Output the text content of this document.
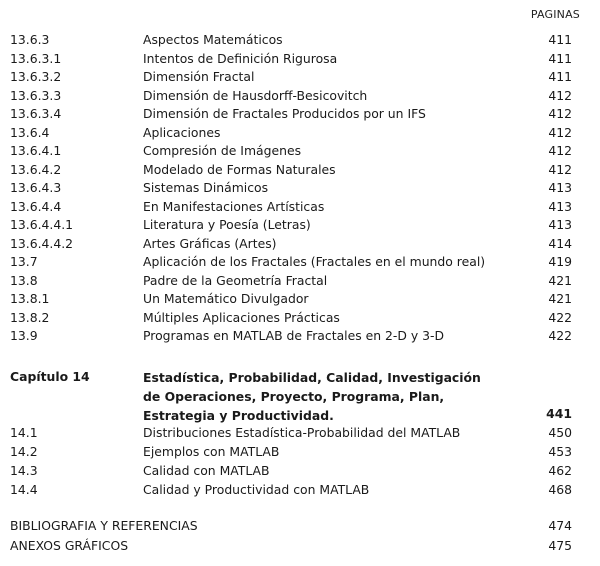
PAGINAS
13.6.3	Aspectos Matemáticos	411
13.6.3.1	Intentos de Definición Rigurosa	411
13.6.3.2	Dimensión Fractal	411
13.6.3.3	Dimensión de Hausdorff-Besicovitch	412
13.6.3.4	Dimensión de Fractales Producidos por un IFS	412
13.6.4	Aplicaciones	412
13.6.4.1	Compresión de Imágenes	412
13.6.4.2	Modelado de Formas Naturales	412
13.6.4.3	Sistemas Dinámicos	413
13.6.4.4	En Manifestaciones Artísticas	413
13.6.4.4.1	Literatura y Poesía (Letras)	413
13.6.4.4.2	Artes Gráficas (Artes)	414
13.7	Aplicación de los Fractales (Fractales en el mundo real)	419
13.8	Padre de la Geometría Fractal	421
13.8.1	Un Matemático Divulgador	421
13.8.2	Múltiples Aplicaciones Prácticas	422
13.9	Programas en MATLAB de Fractales en 2-D y 3-D	422
Capítulo 14	Estadística, Probabilidad, Calidad, Investigación
de Operaciones, Proyecto, Programa, Plan,
Estrategia y Productividad.	441
14.1	Distribuciones Estadística-Probabilidad del MATLAB	450
14.2	Ejemplos con MATLAB	453
14.3	Calidad con MATLAB	462
14.4	Calidad y Productividad con MATLAB	468
BIBLIOGRAFIA Y REFERENCIAS	474
ANEXOS GRÁFICOS	475
